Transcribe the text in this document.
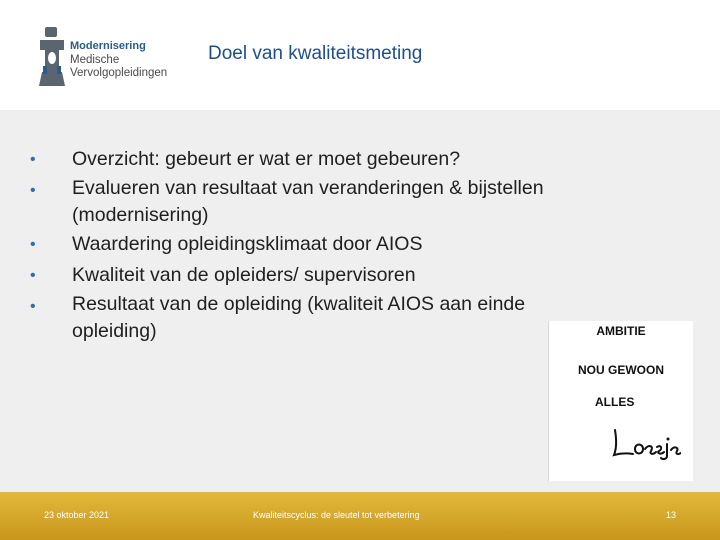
Modernisering
Medische
Vervolgopleidingen
Doel van kwaliteitsmeting
• Overzicht: gebeurt er wat er moet gebeuren?
• Evalueren van resultaat van veranderingen & bijstellen
(modernisering)
• Waardering opleidingsklimaat door AIOS
• Kwaliteit van de opleiders/ supervisoren
• Resultaat van de opleiding (kwaliteit AIOS aan einde
opleiding)	AMBITIE
NOU GEWOON
ALLES
23 oktober 2021	Kwaliteitscyclus: de sleutel tot verbetering	13
